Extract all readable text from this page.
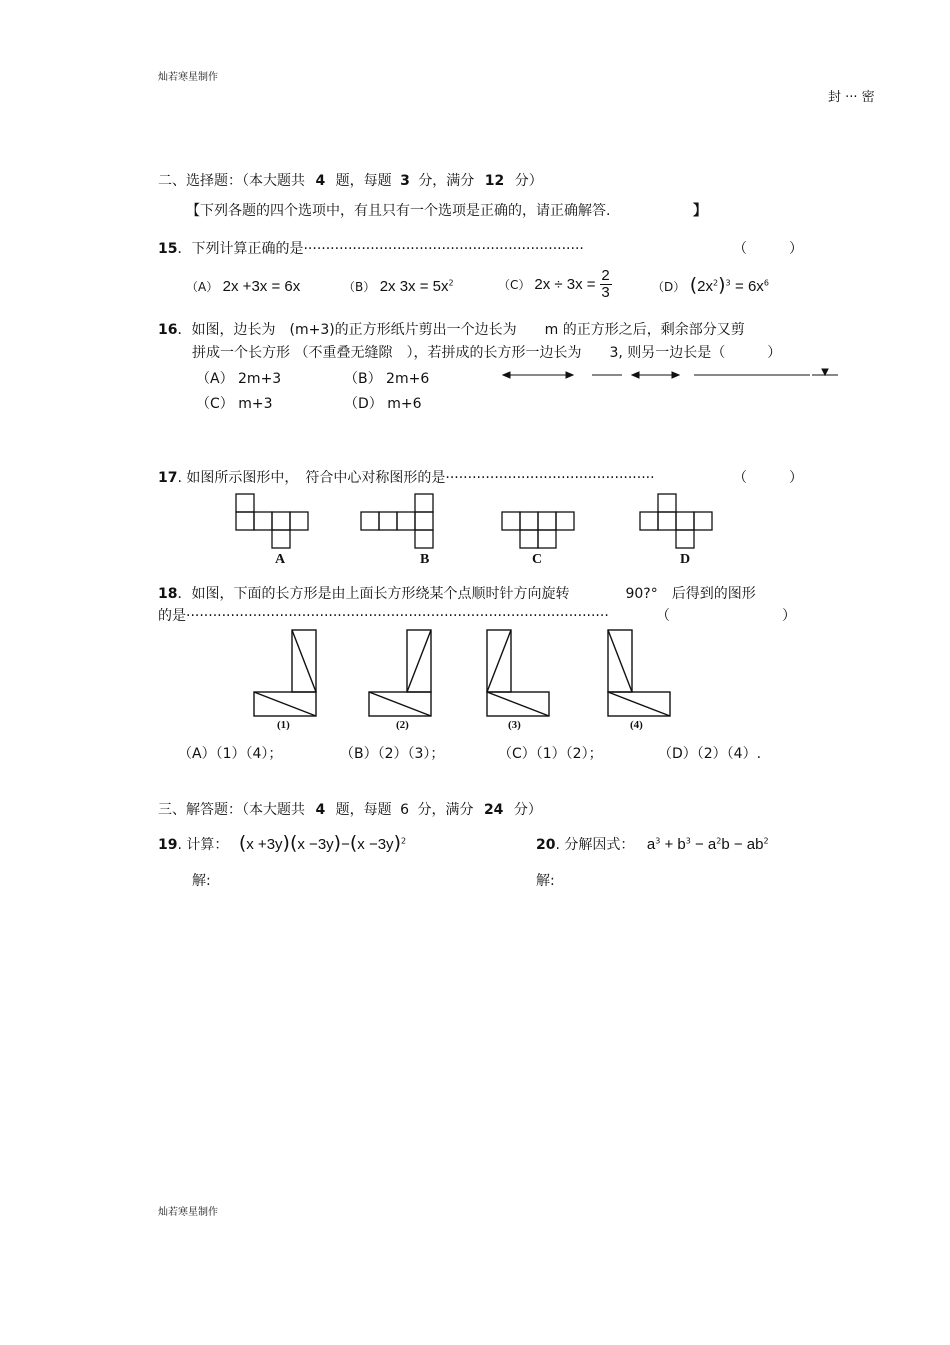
灿若寒星制作
封 ··· 密
灿若寒星制作
二、选择题：（本大题共 4 题，每题 3 分，满分 12 分）
【下列各题的四个选项中，有且只有一个选项是正确的，请正确解答.	】
15．下列计算正确的是·······························································	（　　　）
（A） 2x +3x = 6x	（B） 2x $3x = 5x^2$	（C） $2x \div 3x = \frac{2}{3}$	（D） $(2x^2)^3 = 6x^6$
16．如图，边长为　(m+3)的正方形纸片剪出一个边长为　　m 的正方形之后，剩余部分又剪
拼成一个长方形 （不重叠无缝隙　），若拼成的长方形一边长为　　3, 则另一边长是（　　　）
（A） 2m+3	（B） 2m+6
（C） m+3	（D） m+6
17. 如图所示图形中，　符合中心对称图形的是···············································	（　　　）
A	B	C	D
18．如图，下面的长方形是由上面长方形绕某个点顺时针方向旋转　　　　90?°　后得到的图形
的是·······························································································	（　　　　　　　　）
(1)	(2)	(3)	(4)
（A）（1）（4）；	（B）（2）（3）；	（C）（1）（2）；	（D）（2）（4）.
三、解答题：（本大题共 4 题，每题 6 分，满分 24 分）
19. 计算： $(x +3y)(x -3y)-(x -3y)^2$
解:
20. 分解因式： $a^3 + b^3 - a^2b - ab^2$
解:
